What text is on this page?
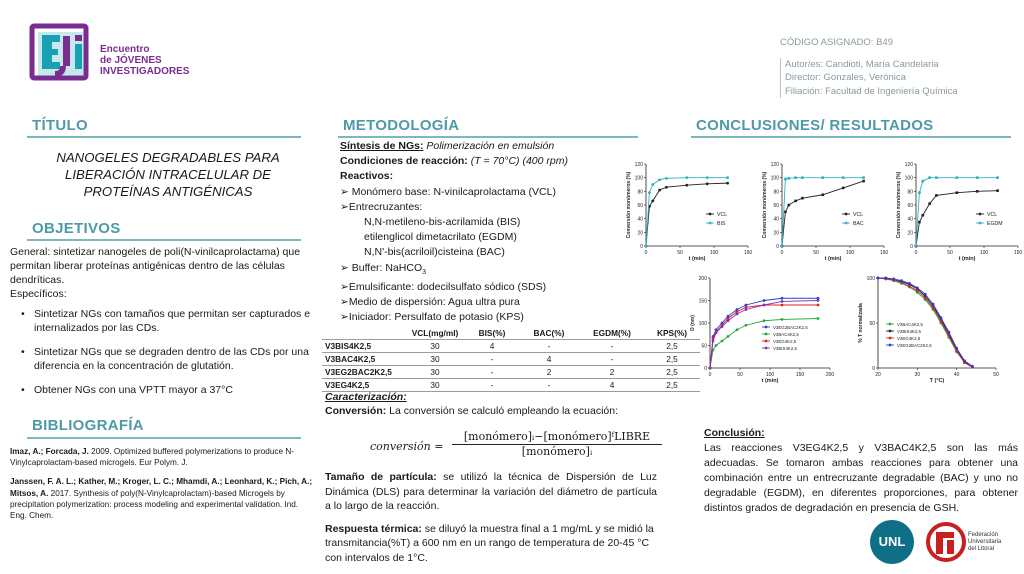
Encuentro
de JÓVENES
INVESTIGADORES
CÓDIGO ASIGNADO: B49
Autor/es: Candioti, María Candelaria
Director: Gonzales, Verónica
Filiación: Facultad de Ingeniería Química
TÍTULO
NANOGELES DEGRADABLES PARA
LIBERACIÓN INTRACELULAR DE
PROTEÍNAS ANTIGÉNICAS
OBJETIVOS
General: sintetizar nanogeles de poli(N-vinilcaprolactama) que permitan liberar proteínas antigénicas dentro de las células dendríticas.
Específicos:
• Sintetizar NGs con tamaños que permitan ser capturados e internalizados por las CDs.
• Sintetizar NGs que se degraden dentro de las CDs por una diferencia en la concentración de glutatión.
• Obtener NGs con una VPTT mayor a 37°C
BIBLIOGRAFÍA
Imaz, A.; Forcada, J. 2009. Optimized buffered polymerizations to produce N-Vinylcaprolactam-based microgels. Eur Polym. J.
Janssen, F. A. L.; Kather, M.; Kroger, L. C.; Mhamdi, A.; Leonhard, K.; Pich, A.; Mitsos, A. 2017. Synthesis of poly(N-Vinylcaprolactam)-based Microgels by precipitation polymerization: process modeling and experimental validation. Ind. Eng. Chem.
METODOLOGÍA
Síntesis de NGs: Polimerización en emulsión
Condiciones de reacción: (T = 70°C) (400 rpm)
Reactivos:
➢ Monómero base: N-vinilcaprolactama (VCL)
➢Entrecruzantes:
N,N-metileno-bis-acrilamida (BIS)
etilenglicol dimetacrilato (EGDM)
N,N'-bis(acriloil)cisteina (BAC)
➢ Buffer: NaHCO$_3$
➢Emulsificante: dodecilsulfato sódico (SDS)
➢Medio de dispersión: Agua ultra pura
➢Iniciador: Persulfato de potasio (KPS)
	VCL(mg/ml)	BIS(%)	BAC(%)	EGDM(%)	KPS(%)
V3BIS4K2,5	30	4	-	-	2,5
V3BAC4K2,5	30	-	4	-	2,5
V3EG2BAC2K2,5	30	-	2	2	2,5
V3EG4K2,5	30	-	-	4	2,5
Caracterización:
Conversión: La conversión se calculó empleando la ecuación:
conversión =
[monómero]ᵢ−[monómero]ᶠLIBRE
[monómero]ᵢ
Tamaño de partícula: se utilizó la técnica de Dispersión de Luz Dinámica (DLS) para determinar la variación del diámetro de partícula a lo largo de la reacción.
Respuesta térmica: se diluyó la muestra final a 1 mg/mL y se midió la transmitancia(%T) a 600 nm en un rango de temperatura de 20-45 °C con intervalos de 1°C.
CONCLUSIONES/ RESULTADOS
0
20
40
60
80
100
120
0	50	100	150
t (min)
Conversión monómeros (%)	VCL
BIS
0
20
40
60
80
100
120
0	50	100	150
t (min)
Conversión monómeros (%)	VCL
BAC
0
20
40
60
80
100
120
0	50	100	150
t (min)
Conversión monómeros (%)	VCL
EGDM
0
50
100
150
200
0	50	100	150	200
t (min)
D (nm)	V3EG2BAC2K2,5
V3BAC4K2,5
V3EG4K2,5
V3BIS4K2,5
0
50
100
20	30	40	50
T (°C)
% T normalizada	V3BAC4K2,5
V3BIS4K2,5
V3EG4K2,5
V3EG2BAC2K2,5
Conclusión:
Las reacciones V3EG4K2,5 y V3BAC4K2,5 son las más adecuadas. Se tomaron ambas reacciones para obtener una combinación entre un entrecruzante degradable (BAC) y uno no degradable (EGDM), en diferentes proporciones, para obtener distintos grados de degradación en presencia de GSH.
UNL	Federación
Universitaria
del Litoral
